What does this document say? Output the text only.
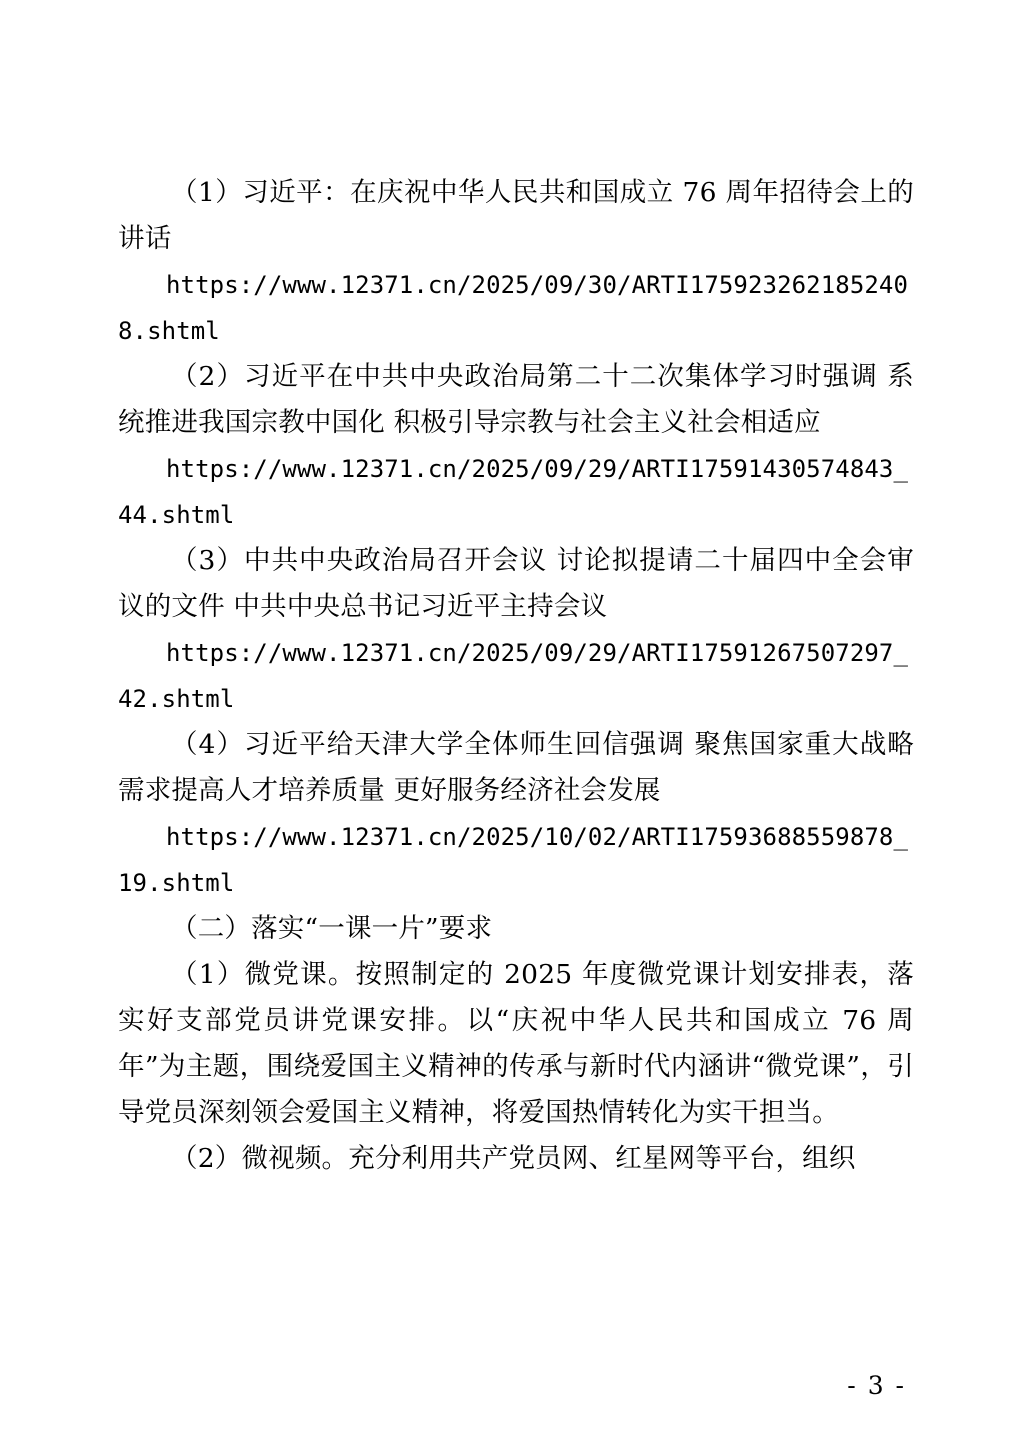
（1）习近平：在庆祝中华人民共和国成立 76 周年招待会上的讲话

https://www.12371.cn/2025/09/30/ARTI1759232621852408.shtml

（2）习近平在中共中央政治局第二十二次集体学习时强调 系统推进我国宗教中国化 积极引导宗教与社会主义社会相适应

https://www.12371.cn/2025/09/29/ARTI17591430574843_44.shtml

（3）中共中央政治局召开会议 讨论拟提请二十届四中全会审议的文件 中共中央总书记习近平主持会议

https://www.12371.cn/2025/09/29/ARTI17591267507297_42.shtml

（4）习近平给天津大学全体师生回信强调 聚焦国家重大战略需求提高人才培养质量 更好服务经济社会发展

https://www.12371.cn/2025/10/02/ARTI17593688559878_19.shtml

（二）落实“一课一片”要求

（1）微党课。按照制定的 2025 年度微党课计划安排表，落实好支部党员讲党课安排。以“庆祝中华人民共和国成立 76 周年”为主题，围绕爱国主义精神的传承与新时代内涵讲“微党课”，引导党员深刻领会爱国主义精神，将爱国热情转化为实干担当。

（2）微视频。充分利用共产党员网、红星网等平台，组织

- 3 -
